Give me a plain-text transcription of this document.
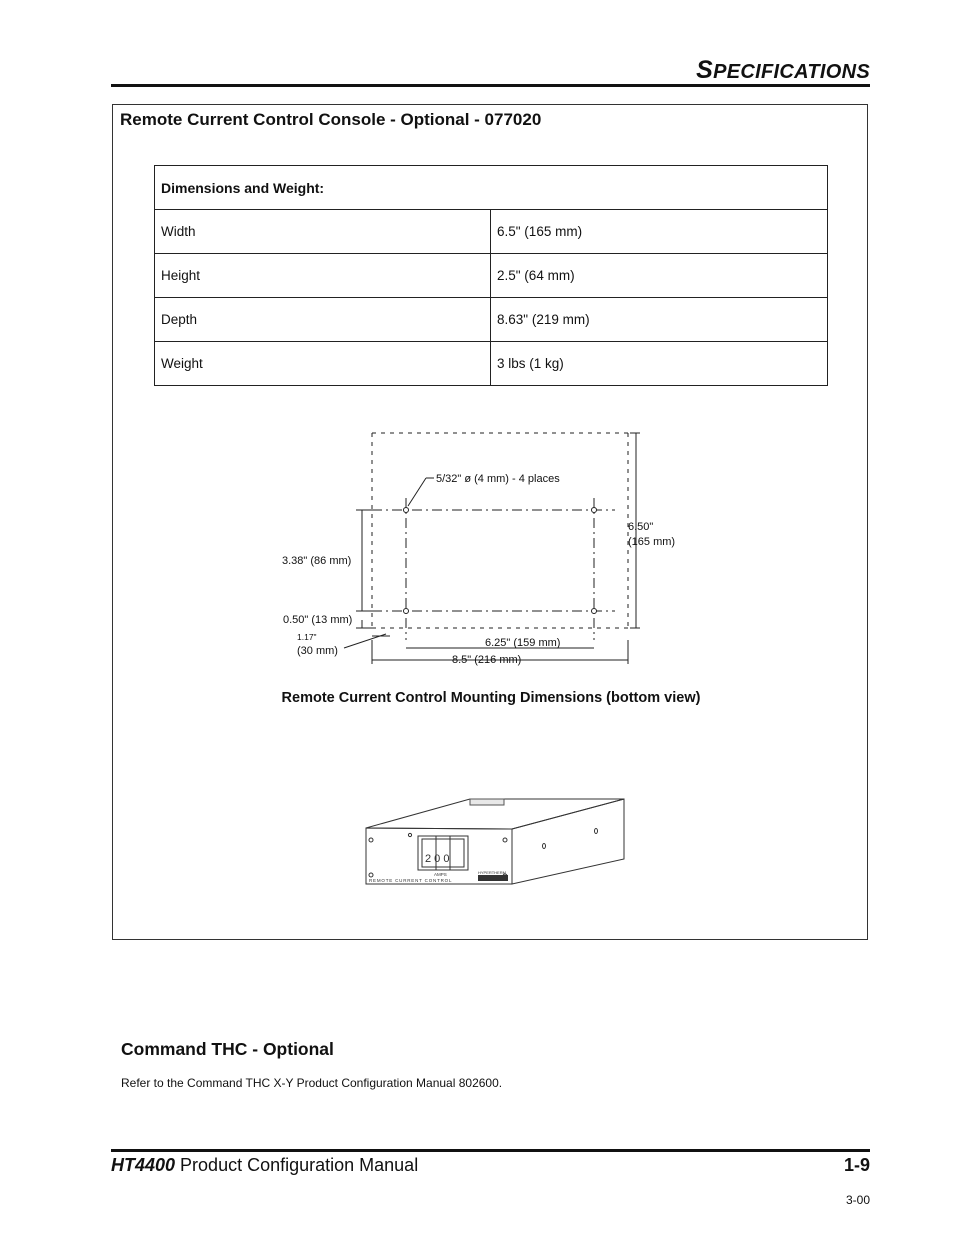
SPECIFICATIONS
Remote Current Control Console - Optional - 077020
Dimensions and Weight:	
Width	6.5" (165 mm)
Height	2.5" (64 mm)
Depth	8.63" (219 mm)
Weight	3 lbs (1 kg)
5/32" ø (4 mm) - 4 places
6.50"
(165 mm)
3.38" (86 mm)
0.50" (13 mm)
1.17"
(30 mm)
6.25" (159 mm)
8.5" (216 mm)
Remote Current Control Mounting Dimensions (bottom view)
2 0 0
AMPS
REMOTE CURRENT CONTROL
HYPERTHERM
Command THC - Optional
Refer to the Command THC X-Y Product Configuration Manual 802600.
HT4400 Product Configuration Manual	1-9
3-00
